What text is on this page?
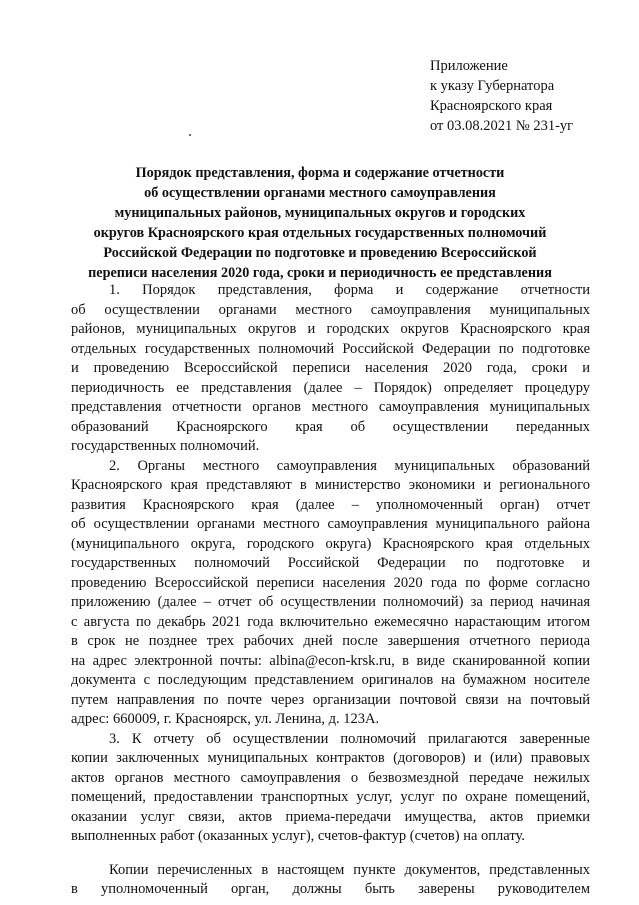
Приложение
к указу Губернатора
Красноярского края
от 03.08.2021 № 231-уг
Порядок представления, форма и содержание отчетности
об осуществлении органами местного самоуправления
муниципальных районов, муниципальных округов и городских
округов Красноярского края отдельных государственных полномочий
Российской Федерации по подготовке и проведению Всероссийской
переписи населения 2020 года, сроки и периодичность ее представления
1. Порядок представления, форма и содержание отчетности
об осуществлении органами местного самоуправления муниципальных
районов, муниципальных округов и городских округов Красноярского края
отдельных государственных полномочий Российской Федерации по подготовке
и проведению Всероссийской переписи населения 2020 года, сроки и
периодичность ее представления (далее – Порядок) определяет процедуру
представления отчетности органов местного самоуправления муниципальных
образований Красноярского края об осуществлении переданных
государственных полномочий.
2. Органы местного самоуправления муниципальных образований
Красноярского края представляют в министерство экономики и регионального
развития Красноярского края (далее – уполномоченный орган) отчет
об осуществлении органами местного самоуправления муниципального района
(муниципального округа, городского округа) Красноярского края отдельных
государственных полномочий Российской Федерации по подготовке и
проведению Всероссийской переписи населения 2020 года по форме согласно
приложению (далее – отчет об осуществлении полномочий) за период начиная
с августа по декабрь 2021 года включительно ежемесячно нарастающим итогом
в срок не позднее трех рабочих дней после завершения отчетного периода
на адрес электронной почты: albina@econ-krsk.ru, в виде сканированной копии
документа с последующим представлением оригиналов на бумажном носителе
путем направления по почте через организации почтовой связи на почтовый
адрес: 660009, г. Красноярск, ул. Ленина, д. 123А.
3. К отчету об осуществлении полномочий прилагаются заверенные
копии заключенных муниципальных контрактов (договоров) и (или) правовых
актов органов местного самоуправления о безвозмездной передаче нежилых
помещений, предоставлении транспортных услуг, услуг по охране помещений,
оказании услуг связи, актов приема-передачи имущества, актов приемки
выполненных работ (оказанных услуг), счетов-фактур (счетов) на оплату.
Копии перечисленных в настоящем пункте документов, представленных
в уполномоченный орган, должны быть заверены руководителем
